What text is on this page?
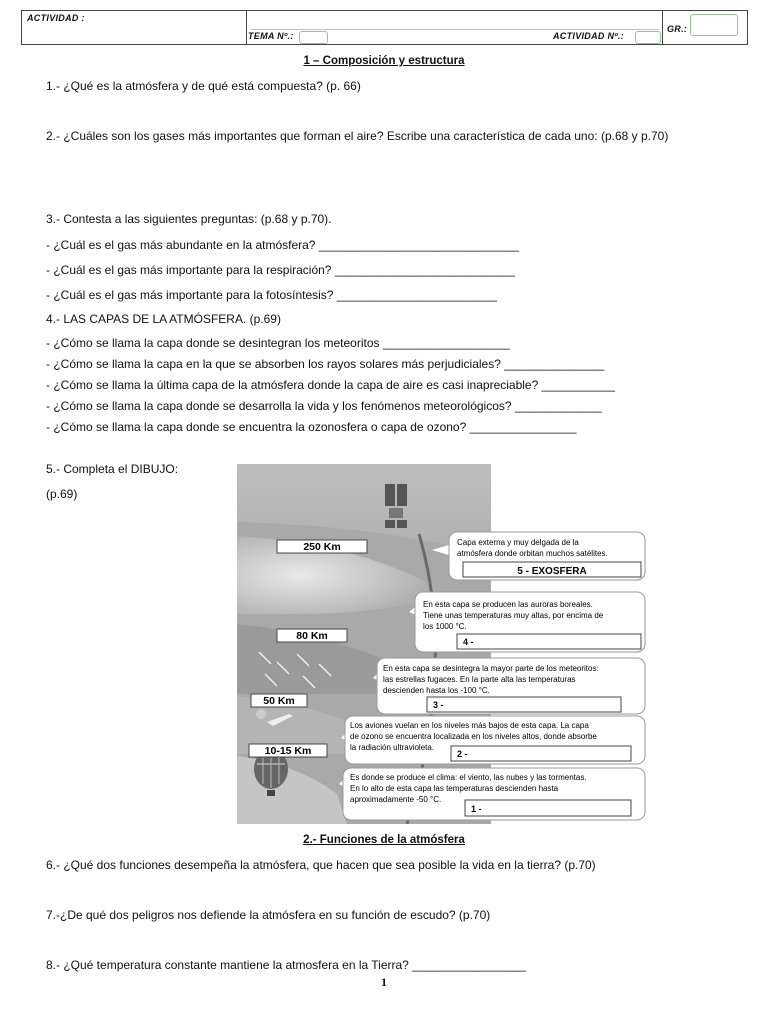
ACTIVIDAD :
TEMA Nº.:	ACTIVIDAD Nº.:
GR.:
1 – Composición y estructura
1.- ¿Qué es la atmósfera y de qué está compuesta? (p. 66)
2.- ¿Cuáles son los gases más importantes que forman el aire? Escribe una característica de cada uno: (p.68 y p.70)
3.- Contesta a las siguientes preguntas: (p.68 y p.70).
- ¿Cuál es el gas más abundante en la atmósfera? ______________________________
- ¿Cuál es el gas más importante para la respiración? ___________________________
- ¿Cuál es el gas más importante para la fotosíntesis? ________________________
4.- LAS CAPAS DE LA ATMÓSFERA. (p.69)
- ¿Cómo se llama la capa donde se desintegran los meteoritos ___________________
- ¿Cómo se llama la capa en la que se absorben los rayos solares más perjudiciales? _______________
- ¿Cómo se llama la última capa de la atmósfera donde la capa de aire es casi inapreciable? ___________
- ¿Cómo se llama la capa donde se desarrolla la vida y los fenómenos meteorológicos? _____________
- ¿Cómo se llama la capa donde se encuentra la ozonosfera o capa de ozono? ________________
5.- Completa el DIBUJO:
(p.69)
250 Km
80 Km
50 Km
10-15 Km
Capa externa y muy delgada de la
atmósfera donde orbitan muchos satélites.
5 - EXOSFERA
En esta capa se producen las auroras boreales.
Tiene unas temperaturas muy altas, por encima de
los 1000 °C.
4 -
En esta capa se desintegra la mayor parte de los meteoritos:
las estrellas fugaces. En la parte alta las temperaturas
descienden hasta los -100 °C.
3 -
Los aviones vuelan en los niveles más bajos de esta capa. La capa
de ozono se encuentra localizada en los niveles altos, donde absorbe
la radiación ultravioleta.
2 -
Es donde se produce el clima: el viento, las nubes y las tormentas.
En lo alto de esta capa las temperaturas descienden hasta
aproximadamente -50 °C.
1 -
2.- Funciones de la atmósfera
6.- ¿Qué dos funciones desempeña la atmósfera, que hacen que sea posible la vida en la tierra? (p.70)
7.-¿De qué dos peligros nos defiende la atmósfera en su función de escudo? (p.70)
8.- ¿Qué temperatura constante mantiene la atmosfera en la Tierra? _________________
1
